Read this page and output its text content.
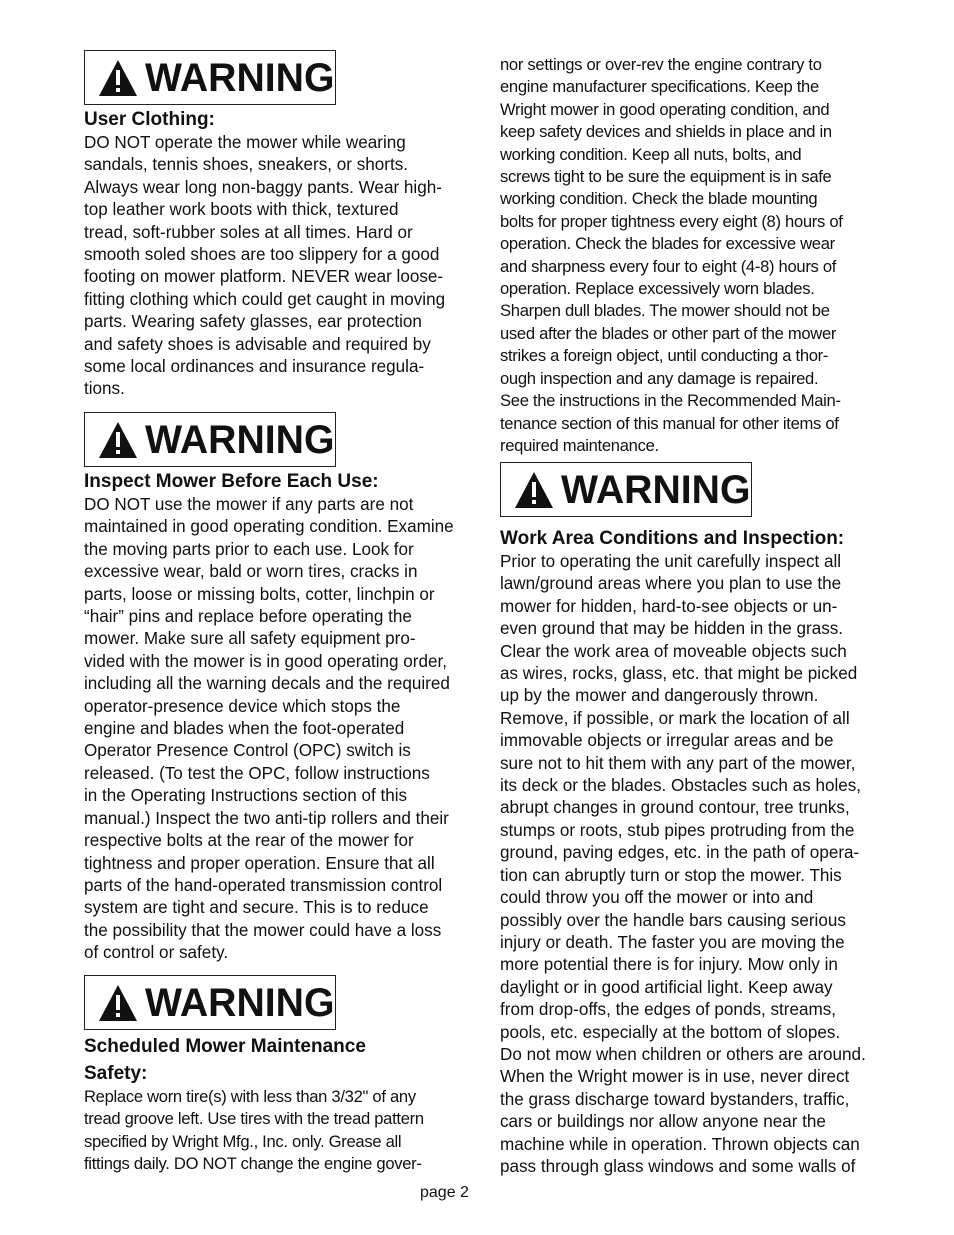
WARNING
User Clothing:

DO NOT operate the mower while wearing
sandals, tennis shoes, sneakers, or shorts.
Always wear long non-baggy pants. Wear high-
top leather work boots with thick, textured
tread, soft-rubber soles at all times. Hard or
smooth soled shoes are too slippery for a good
footing on mower platform. NEVER wear loose-
fitting clothing which could get caught in moving
parts. Wearing safety glasses, ear protection
and safety shoes is advisable and required by
some local ordinances and insurance regula-
tions.

WARNING
Inspect Mower Before Each Use:

DO NOT use the mower if any parts are not
maintained in good operating condition. Examine
the moving parts prior to each use. Look for
excessive wear, bald or worn tires, cracks in
parts, loose or missing bolts, cotter, linchpin or
“hair” pins and replace before operating the
mower. Make sure all safety equipment pro-
vided with the mower is in good operating order,
including all the warning decals and the required
operator-presence device which stops the
engine and blades when the foot-operated
Operator Presence Control (OPC) switch is
released. (To test the OPC, follow instructions
in the Operating Instructions section of this
manual.) Inspect the two anti-tip rollers and their
respective bolts at the rear of the mower for
tightness and proper operation. Ensure that all
parts of the hand-operated transmission control
system are tight and secure. This is to reduce
the possibility that the mower could have a loss
of control or safety.

WARNING
Scheduled Mower Maintenance
Safety:

Replace worn tire(s) with less than 3/32" of any
tread groove left. Use tires with the tread pattern
specified by Wright Mfg., Inc. only. Grease all
fittings daily. DO NOT change the engine gover-

page 2

nor settings or over-rev the engine contrary to
engine manufacturer specifications. Keep the
Wright mower in good operating condition, and
keep safety devices and shields in place and in
working condition. Keep all nuts, bolts, and
screws tight to be sure the equipment is in safe
working condition. Check the blade mounting
bolts for proper tightness every eight (8) hours of
operation. Check the blades for excessive wear
and sharpness every four to eight (4-8) hours of
operation. Replace excessively worn blades.
Sharpen dull blades. The mower should not be
used after the blades or other part of the mower
strikes a foreign object, until conducting a thor-
ough inspection and any damage is repaired.
See the instructions in the Recommended Main-
tenance section of this manual for other items of
required maintenance.

WARNING
Work Area Conditions and Inspection:

Prior to operating the unit carefully inspect all
lawn/ground areas where you plan to use the
mower for hidden, hard-to-see objects or un-
even ground that may be hidden in the grass.
Clear the work area of moveable objects such
as wires, rocks, glass, etc. that might be picked
up by the mower and dangerously thrown.
Remove, if possible, or mark the location of all
immovable objects or irregular areas and be
sure not to hit them with any part of the mower,
its deck or the blades. Obstacles such as holes,
abrupt changes in ground contour, tree trunks,
stumps or roots, stub pipes protruding from the
ground, paving edges, etc. in the path of opera-
tion can abruptly turn or stop the mower. This
could throw you off the mower or into and
possibly over the handle bars causing serious
injury or death. The faster you are moving the
more potential there is for injury. Mow only in
daylight or in good artificial light. Keep away
from drop-offs, the edges of ponds, streams,
pools, etc. especially at the bottom of slopes.
Do not mow when children or others are around.
When the Wright mower is in use, never direct
the grass discharge toward bystanders, traffic,
cars or buildings nor allow anyone near the
machine while in operation. Thrown objects can
pass through glass windows and some walls of
